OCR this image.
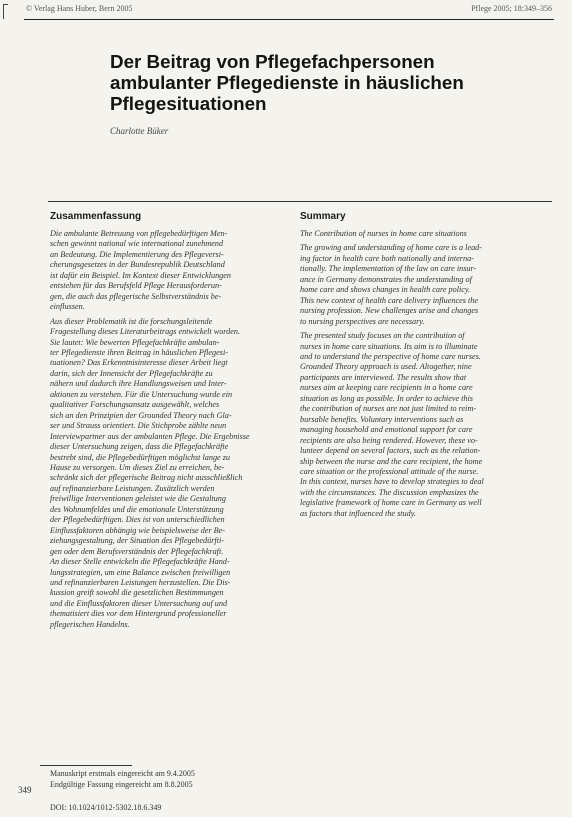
© Verlag Hans Huber, Bern 2005	Pflege 2005; 18:349–356
Der Beitrag von Pflegefachpersonen
ambulanter Pflegedienste in häuslichen
Pflegesituationen
Charlotte Büker
Zusammenfassung	Summary
Die ambulante Betreuung von pflegebedürftigen Men-
schen gewinnt national wie international zunehmend
an Bedeutung. Die Implementierung des Pflegeversi-
cherungsgesetzes in der Bundesrepublik Deutschland
ist dafür ein Beispiel. Im Kontext dieser Entwicklungen
entstehen für das Berufsfeld Pflege Herausforderun-
gen, die auch das pflegerische Selbstverständnis be-
einflussen.
Aus dieser Problematik ist die forschungsleitende
Fragestellung dieses Literaturbeitrags entwickelt worden.
Sie lautet: Wie bewerten Pflegefachkräfte ambulan-
ter Pflegedienste ihren Beitrag in häuslichen Pflegesi-
tuationen? Das Erkenntnisinteresse dieser Arbeit liegt
darin, sich der Innensicht der Pflegefachkräfte zu
nähern und dadurch ihre Handlungsweisen und Inter-
aktionen zu verstehen. Für die Untersuchung wurde ein
qualitativer Forschungsansatz ausgewählt, welches
sich an den Prinzipien der Grounded Theory nach Gla-
ser und Strauss orientiert. Die Stichprobe zählte neun
Interviewpartner aus der ambulanten Pflege. Die Ergebnisse
dieser Untersuchung zeigen, dass die Pflegefachkräfte
bestrebt sind, die Pflegebedürftigen möglichst lange zu
Hause zu versorgen. Um dieses Ziel zu erreichen, be-
schränkt sich der pflegerische Beitrag nicht ausschließlich
auf refinanzierbare Leistungen. Zusätzlich werden
freiwillige Interventionen geleistet wie die Gestaltung
des Wohnumfeldes und die emotionale Unterstützung
der Pflegebedürftigen. Dies ist von unterschiedlichen
Einflussfaktoren abhängig wie beispielsweise der Be-
ziehungsgestaltung, der Situation des Pflegebedürfti-
gen oder dem Berufsverständnis der Pflegefachkraft.
An dieser Stelle entwickeln die Pflegefachkräfte Hand-
lungsstrategien, um eine Balance zwischen freiwilligen
und refinanzierbaren Leistungen herzustellen. Die Dis-
kussion greift sowohl die gesetzlichen Bestimmungen
und die Einflussfaktoren dieser Untersuchung auf und
thematisiert dies vor dem Hintergrund professioneller
pflegerischen Handelns.
The Contribution of nurses in home care situations
The growing and understanding of home care is a lead-
ing factor in health care both nationally and interna-
tionally. The implementation of the law on care insur-
ance in Germany demonstrates the understanding of
home care and shows changes in health care policy.
This new context of health care delivery influences the
nursing profession. New challenges arise and changes
to nursing perspectives are necessary.
The presented study focuses on the contribution of
nurses in home care situations. Its aim is to illuminate
and to understand the perspective of home care nurses.
Grounded Theory approach is used. Altogether, nine
participants are interviewed. The results show that
nurses aim at keeping care recipients in a home care
situation as long as possible. In order to achieve this
the contribution of nurses are not just limited to reim-
bursable benefits. Voluntary interventions such as
managing household and emotional support for care
recipients are also being rendered. However, these vo-
lunteer depend on several factors, such as the relation-
ship between the nurse and the care recipient, the home
care situation or the professional attitude of the nurse.
In this context, nurses have to develop strategies to deal
with the circumstances. The discussion emphasizes the
legislative framework of home care in Germany as well
as factors that influenced the study.
349
Manuskript erstmals eingereicht am 9.4.2005
Endgültige Fassung eingereicht am 8.8.2005
DOI: 10.1024/1012-5302.18.6.349
